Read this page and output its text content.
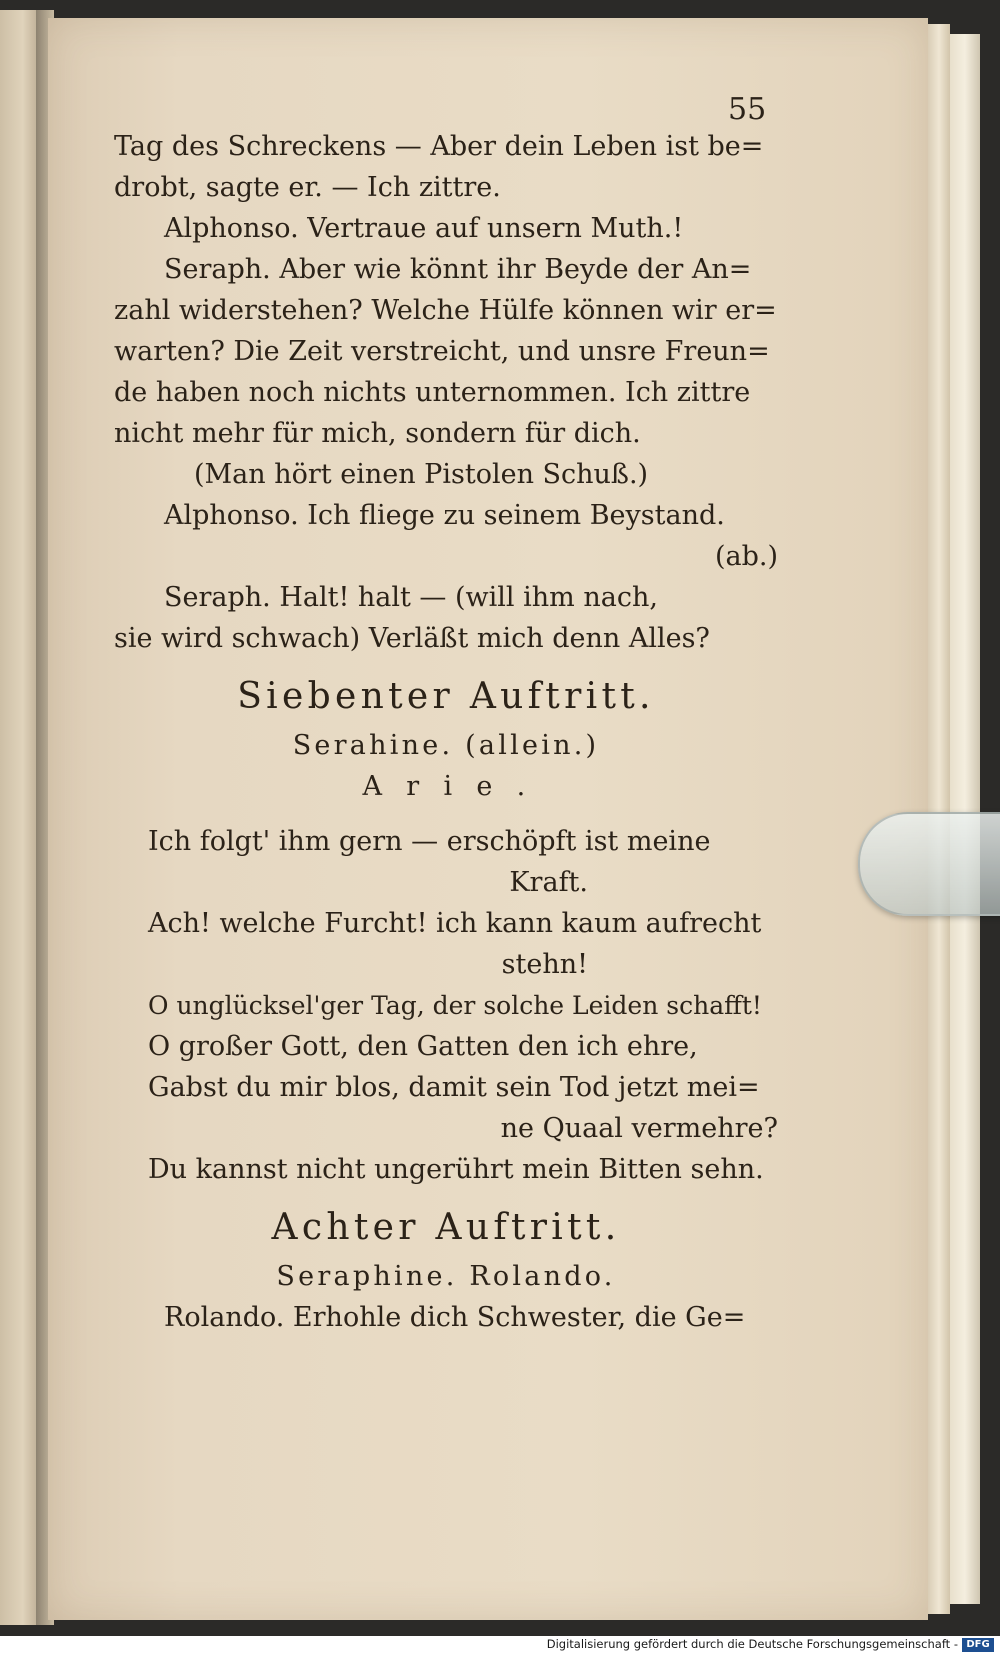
55
Tag des Schreckens — Aber dein Leben ist be=
drobt, sagte er. — Ich zittre.
Alphonso. Vertraue auf unsern Muth.!
Seraph. Aber wie könnt ihr Beyde der An=
zahl widerstehen? Welche Hülfe können wir er=
warten? Die Zeit verstreicht, und unsre Freun=
de haben noch nichts unternommen. Ich zittre
nicht mehr für mich, sondern für dich.
(Man hört einen Pistolen Schuß.)
Alphonso. Ich fliege zu seinem Beystand.
(ab.)
Seraph. Halt! halt — (will ihm nach,
sie wird schwach) Verläßt mich denn Alles?
Siebenter Auftritt.
Serahine. (allein.)
Arie.
Ich folgt' ihm gern — erschöpft ist meine
Kraft.
Ach! welche Furcht! ich kann kaum aufrecht
stehn!
O unglücksel'ger Tag, der solche Leiden schafft!
O großer Gott, den Gatten den ich ehre,
Gabst du mir blos, damit sein Tod jetzt mei=
ne Quaal vermehre?
Du kannst nicht ungerührt mein Bitten sehn.
Achter Auftritt.
Seraphine. Rolando.
Rolando. Erhohle dich Schwester, die Ge=
Digitalisierung gefördert durch die Deutsche Forschungsgemeinschaft - DFG
